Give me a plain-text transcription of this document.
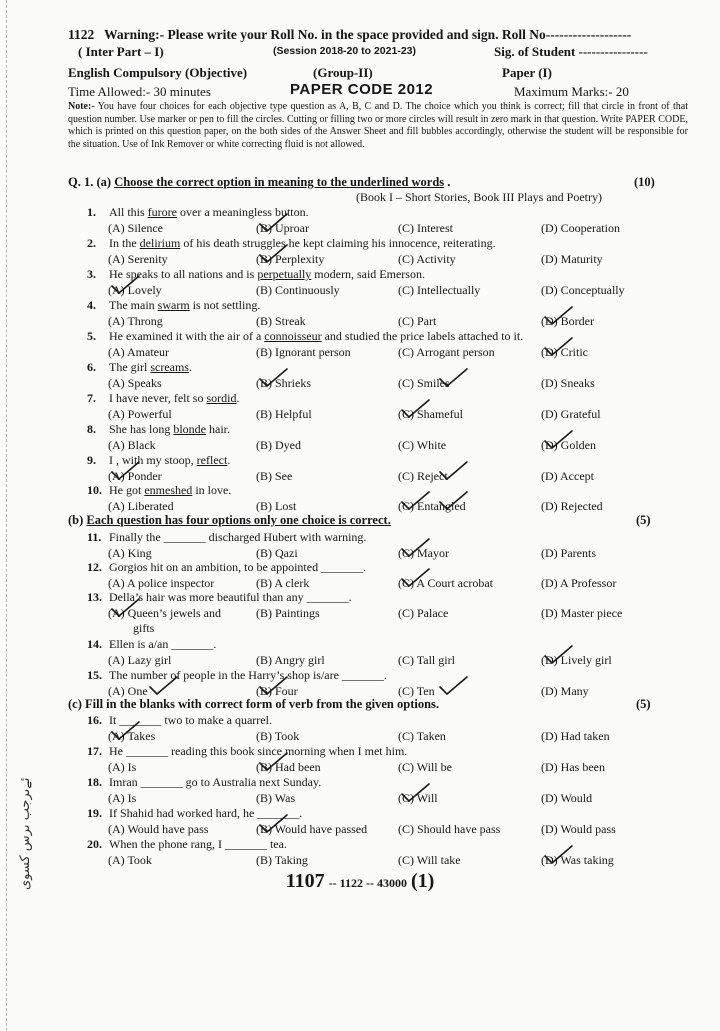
ئےىرجب ىرس كسوى
1122 Warning:- Please write your Roll No. in the space provided and sign. Roll No-------------------
( Inter Part – I)	(Session 2018-20 to 2021-23)	Sig. of Student ----------------
English Compulsory (Objective)	(Group-II)	Paper (I)
Time Allowed:- 30 minutes	PAPER CODE 2012	Maximum Marks:- 20
Note:- You have four choices for each objective type question as A, B, C and D. The choice which you think is correct; fill that circle in front of that question number. Use marker or pen to fill the circles. Cutting or filling two or more circles will result in zero mark in that question. Write PAPER CODE, which is printed on this question paper, on the both sides of the Answer Sheet and fill bubbles accordingly, otherwise the student will be responsible for the situation. Use of Ink Remover or white correcting fluid is not allowed.
Q. 1. (a) Choose the correct option in meaning to the underlined words .	(10)
(Book I – Short Stories, Book III Plays and Poetry)
(b) Each question has four options only one choice is correct.	(5)
(c) Fill in the blanks with correct form of verb from the given options.	(5)
1. All this furore over a meaningless button.
(A) Silence	(B) Uproar	(C) Interest	(D) Cooperation
2. In the delirium of his death struggles he kept claiming his innocence, reiterating.
(A) Serenity	(B) Perplexity	(C) Activity	(D) Maturity
3. He speaks to all nations and is perpetually modern, said Emerson.
(A) Lovely	(B) Continuously	(C) Intellectually	(D) Conceptually
4. The main swarm is not settling.
(A) Throng	(B) Streak	(C) Part	(D) Border
5. He examined it with the air of a connoisseur and studied the price labels attached to it.
(A) Amateur	(B) Ignorant person	(C) Arrogant person	(D) Critic
6. The girl screams.
(A) Speaks	(B) Shrieks	(C) Smiles	(D) Sneaks
7. I have never, felt so sordid.
(A) Powerful	(B) Helpful	(C) Shameful	(D) Grateful
8. She has long blonde hair.
(A) Black	(B) Dyed	(C) White	(D) Golden
9. I , with my stoop, reflect.
(A) Ponder	(B) See	(C) Reject	(D) Accept
10. He got enmeshed in love.
(A) Liberated	(B) Lost	(C) Entangled	(D) Rejected
11. Finally the _______ discharged Hubert with warning.
(A) King	(B) Qazi	(C) Mayor	(D) Parents
12. Gorgios hit on an ambition, to be appointed _______.
(A) A police inspector	(B) A clerk	(C) A Court acrobat	(D) A Professor
13. Della’s hair was more beautiful than any _______.
(A) Queen’s jewels and	(B) Paintings	(C) Palace	(D) Master piece
gifts
14. Ellen is a/an _______.
(A) Lazy girl	(B) Angry girl	(C) Tall girl	(D) Lively girl
15. The number of people in the Harry’s shop is/are _______.
(A) One	(B) Four	(C) Ten	(D) Many
16. It _______ two to make a quarrel.
(A) Takes	(B) Took	(C) Taken	(D) Had taken
17. He _______ reading this book since morning when I met him.
(A) Is	(B) Had been	(C) Will be	(D) Has been
18. Imran _______ go to Australia next Sunday.
(A) Is	(B) Was	(C) Will	(D) Would
19. If Shahid had worked hard, he _______.
(A) Would have pass	(B) Would have passed	(C) Should have pass	(D) Would pass
20. When the phone rang, I _______ tea.
(A) Took	(B) Taking	(C) Will take	(D) Was taking
1107 -- 1122 -- 43000 (1)
